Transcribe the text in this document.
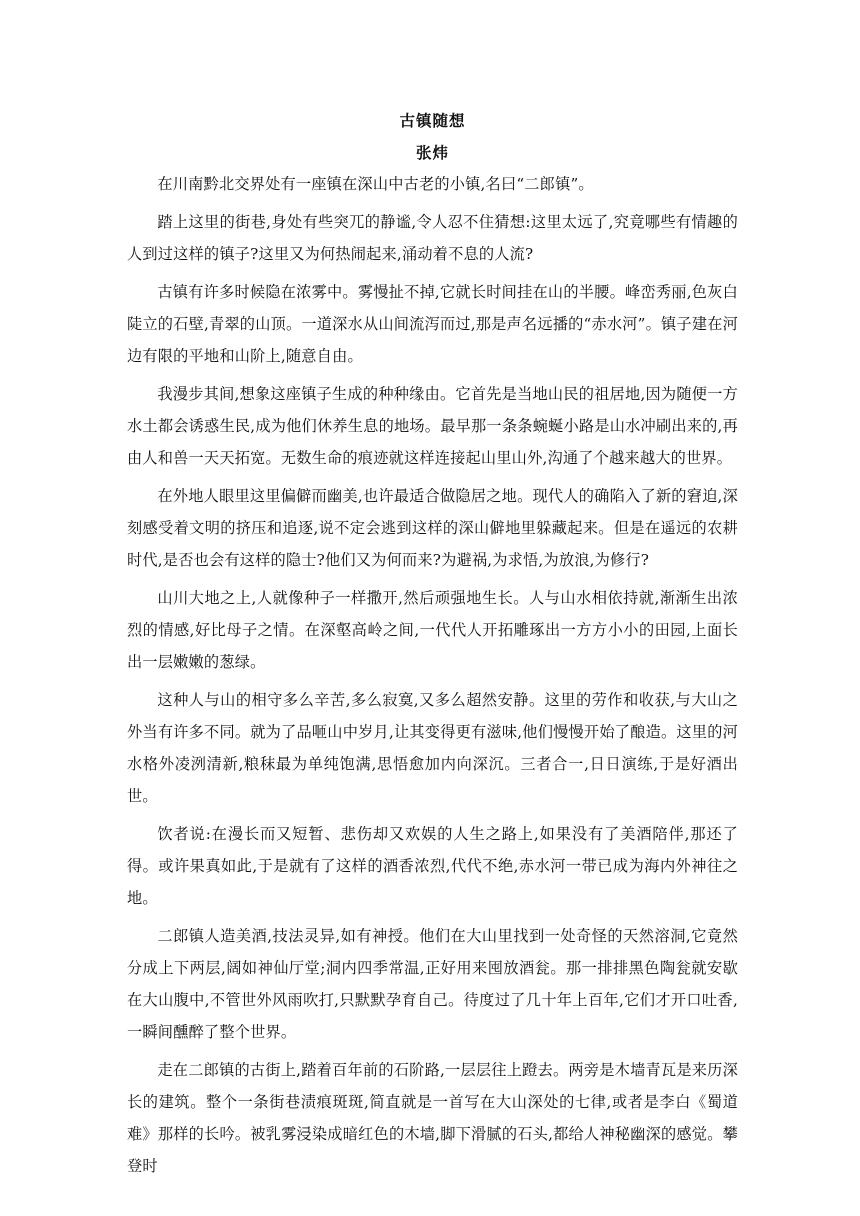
古镇随想
张炜

在川南黔北交界处有一座镇在深山中古老的小镇,名曰“二郎镇”。

踏上这里的街巷,身处有些突兀的静谧,令人忍不住猜想:这里太远了,究竟哪些有情趣的人到过这样的镇子?这里又为何热闹起来,涌动着不息的人流?

古镇有许多时候隐在浓雾中。雾慢扯不掉,它就长时间挂在山的半腰。峰峦秀丽,色灰白陡立的石壁,青翠的山顶。一道深水从山间流泻而过,那是声名远播的“赤水河”。镇子建在河边有限的平地和山阶上,随意自由。

我漫步其间,想象这座镇子生成的种种缘由。它首先是当地山民的祖居地,因为随便一方水土都会诱惑生民,成为他们休养生息的地场。最早那一条条蜿蜒小路是山水冲刷出来的,再由人和兽一天天拓宽。无数生命的痕迹就这样连接起山里山外,沟通了个越来越大的世界。

在外地人眼里这里偏僻而幽美,也许最适合做隐居之地。现代人的确陷入了新的窘迫,深刻感受着文明的挤压和追逐,说不定会逃到这样的深山僻地里躲藏起来。但是在遥远的农耕时代,是否也会有这样的隐士?他们又为何而来?为避祸,为求悟,为放浪,为修行?

山川大地之上,人就像种子一样撒开,然后顽强地生长。人与山水相依持就,渐渐生出浓烈的情感,好比母子之情。在深壑高岭之间,一代代人开拓雕琢出一方方小小的田园,上面长出一层嫩嫩的葱绿。

这种人与山的相守多么辛苦,多么寂寞,又多么超然安静。这里的劳作和收获,与大山之外当有许多不同。就为了品咂山中岁月,让其变得更有滋味,他们慢慢开始了酿造。这里的河水格外凌洌清新,粮秣最为单纯饱满,思悟愈加内向深沉。三者合一,日日演练,于是好酒出世。

饮者说:在漫长而又短暂、悲伤却又欢娱的人生之路上,如果没有了美酒陪伴,那还了得。或许果真如此,于是就有了这样的酒香浓烈,代代不绝,赤水河一带已成为海内外神往之地。

二郎镇人造美酒,技法灵异,如有神授。他们在大山里找到一处奇怪的天然溶洞,它竟然分成上下两层,阔如神仙厅堂;洞内四季常温,正好用来囤放酒瓮。那一排排黑色陶瓮就安歇在大山腹中,不管世外风雨吹打,只默默孕育自己。待度过了几十年上百年,它们才开口吐香,一瞬间醺醉了整个世界。

走在二郎镇的古街上,踏着百年前的石阶路,一层层往上蹬去。两旁是木墙青瓦是来历深长的建筑。整个一条街巷渍痕斑斑,简直就是一首写在大山深处的七律,或者是李白《蜀道难》那样的长吟。被乳雾浸染成暗红色的木墙,脚下滑腻的石头,都给人神秘幽深的感觉。攀登时
